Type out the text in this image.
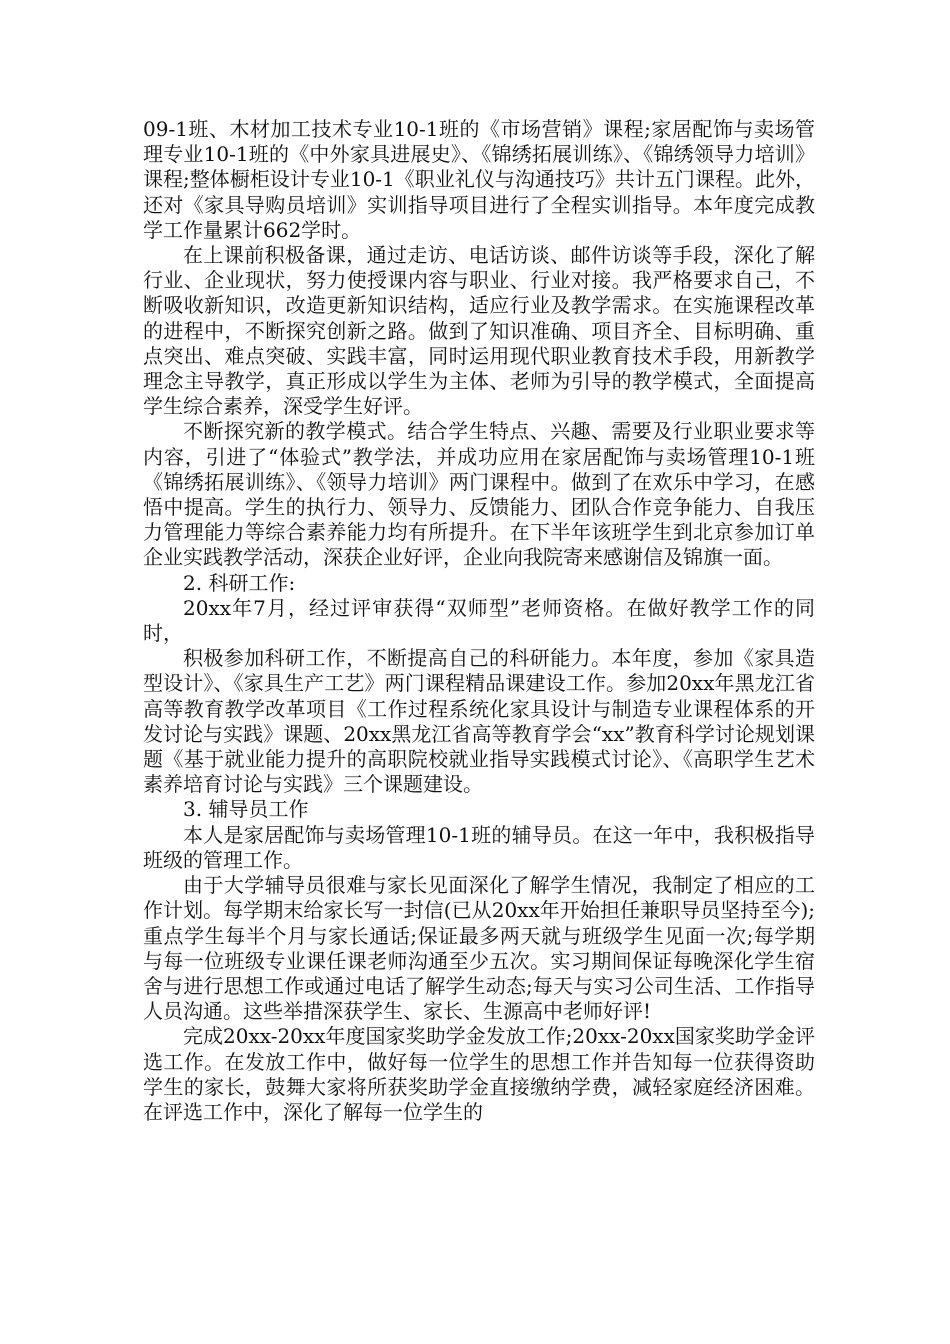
09-1班、木材加工技术专业10-1班的《市场营销》课程;家居配饰与卖场管理专业10-1班的《中外家具进展史》、《锦绣拓展训练》、《锦绣领导力培训》课程;整体橱柜设计专业10-1《职业礼仪与沟通技巧》共计五门课程。此外，还对《家具导购员培训》实训指导项目进行了全程实训指导。本年度完成教学工作量累计662学时。

在上课前积极备课，通过走访、电话访谈、邮件访谈等手段，深化了解行业、企业现状，努力使授课内容与职业、行业对接。我严格要求自己，不断吸收新知识，改造更新知识结构，适应行业及教学需求。在实施课程改革的进程中，不断探究创新之路。做到了知识准确、项目齐全、目标明确、重点突出、难点突破、实践丰富，同时运用现代职业教育技术手段，用新教学理念主导教学，真正形成以学生为主体、老师为引导的教学模式，全面提高学生综合素养，深受学生好评。

不断探究新的教学模式。结合学生特点、兴趣、需要及行业职业要求等内容，引进了“体验式”教学法，并成功应用在家居配饰与卖场管理10-1班《锦绣拓展训练》、《领导力培训》两门课程中。做到了在欢乐中学习，在感悟中提高。学生的执行力、领导力、反馈能力、团队合作竞争能力、自我压力管理能力等综合素养能力均有所提升。在下半年该班学生到北京参加订单企业实践教学活动，深获企业好评，企业向我院寄来感谢信及锦旗一面。

2. 科研工作:

20xx年7月，经过评审获得“双师型”老师资格。在做好教学工作的同时，

积极参加科研工作，不断提高自己的科研能力。本年度，参加《家具造型设计》、《家具生产工艺》两门课程精品课建设工作。参加20xx年黑龙江省高等教育教学改革项目《工作过程系统化家具设计与制造专业课程体系的开发讨论与实践》课题、20xx黑龙江省高等教育学会“xx”教育科学讨论规划课题《基于就业能力提升的高职院校就业指导实践模式讨论》、《高职学生艺术素养培育讨论与实践》三个课题建设。

3. 辅导员工作

本人是家居配饰与卖场管理10-1班的辅导员。在这一年中，我积极指导班级的管理工作。

由于大学辅导员很难与家长见面深化了解学生情况，我制定了相应的工作计划。每学期末给家长写一封信(已从20xx年开始担任兼职导员坚持至今);重点学生每半个月与家长通话;保证最多两天就与班级学生见面一次;每学期与每一位班级专业课任课老师沟通至少五次。实习期间保证每晚深化学生宿舍与进行思想工作或通过电话了解学生动态;每天与实习公司生活、工作指导人员沟通。这些举措深获学生、家长、生源高中老师好评!

完成20xx-20xx年度国家奖助学金发放工作;20xx-20xx国家奖助学金评选工作。在发放工作中，做好每一位学生的思想工作并告知每一位获得资助学生的家长，鼓舞大家将所获奖助学金直接缴纳学费，减轻家庭经济困难。在评选工作中，深化了解每一位学生的
